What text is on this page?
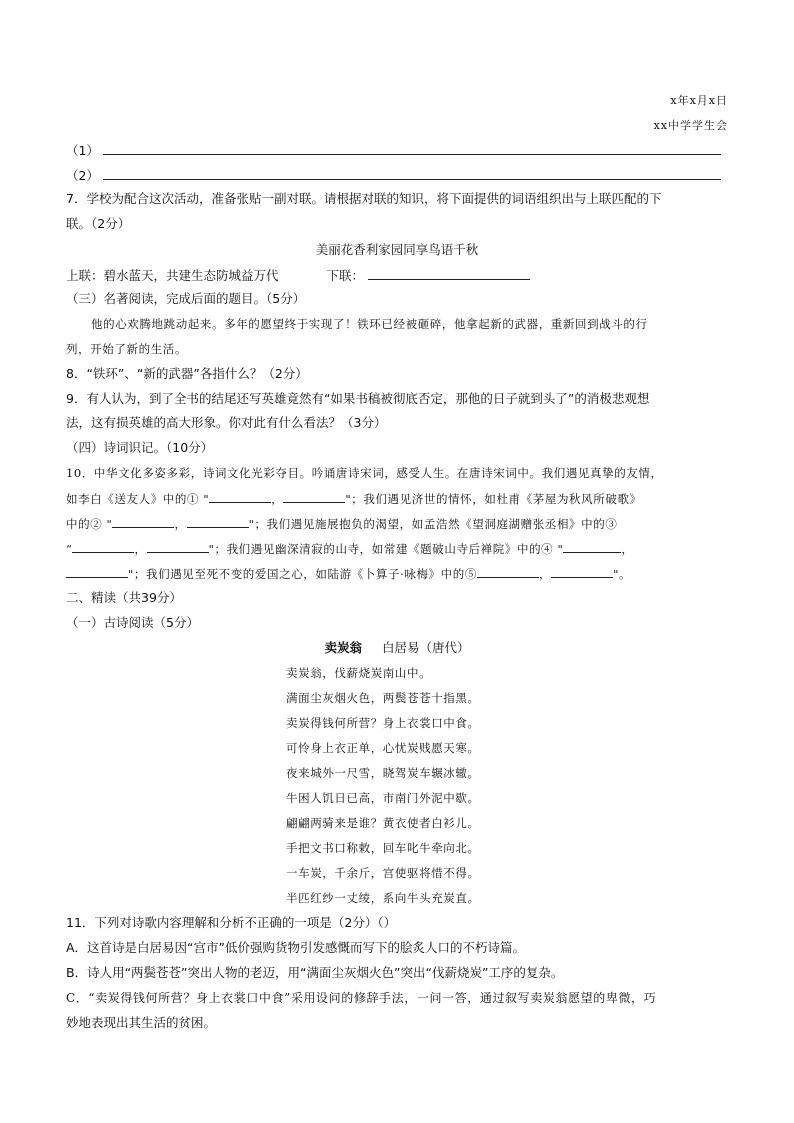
x年x月x日
xx中学学生会
（1）
（2）
7．学校为配合这次活动，准备张贴一副对联。请根据对联的知识，将下面提供的词语组织出与上联匹配的下
联。（2分）
美丽花香利家园同享鸟语千秋
上联：碧水蓝天，共建生态防城益万代	下联：
（三）名著阅读，完成后面的题目。（5分）
他的心欢腾地跳动起来。多年的愿望终于实现了！铁环已经被砸碎，他拿起新的武器，重新回到战斗的行
列，开始了新的生活。
8．“铁环”、“新的武器”各指什么？（2分）
9．有人认为，到了全书的结尾还写英雄竟然有“如果书稿被彻底否定，那他的日子就到头了”的消极悲观想
法，这有损英雄的高大形象。你对此有什么看法？（3分）
（四）诗词识记。（10分）
10．中华文化多姿多彩，诗词文化光彩夺目。吟诵唐诗宋词，感受人生。在唐诗宋词中。我们遇见真挚的友情，
如李白《送友人》中的① "	，	"；我们遇见济世的情怀，如杜甫《茅屋为秋风所破歌》
中的② "	，	"；我们遇见施展抱负的渴望，如孟浩然《望洞庭湖赠张丞相》中的③
“	，	"；我们遇见幽深清寂的山寺，如常建《题破山寺后禅院》中的④ "	，
"；我们遇见至死不变的爱国之心，如陆游《卜算子·咏梅》中的⑤	，	"。
二、精读（共39分）
（一）古诗阅读（5分）
卖炭翁 白居易（唐代）
卖炭翁，伐薪烧炭南山中。
满面尘灰烟火色，两鬓苍苍十指黑。
卖炭得钱何所营？身上衣裳口中食。
可怜身上衣正单，心忧炭贱愿天寒。
夜来城外一尺雪，晓驾炭车辗冰辙。
牛困人饥日已高，市南门外泥中歇。
翩翩两骑来是谁？黄衣使者白衫儿。
手把文书口称敕，回车叱牛牵向北。
一车炭，千余斤，宫使驱将惜不得。
半匹红纱一丈绫，系向牛头充炭直。
11．下列对诗歌内容理解和分析不正确的一项是（2分）（）
A．这首诗是白居易因“宫市”低价强购货物引发感慨而写下的脍炙人口的不朽诗篇。
B．诗人用“两鬓苍苍”突出人物的老迈，用“满面尘灰烟火色”突出“伐薪烧炭”工序的复杂。
C．“卖炭得钱何所营？身上衣裳口中食”采用设问的修辞手法，一问一答，通过叙写卖炭翁愿望的卑微，巧
妙地表现出其生活的贫困。
